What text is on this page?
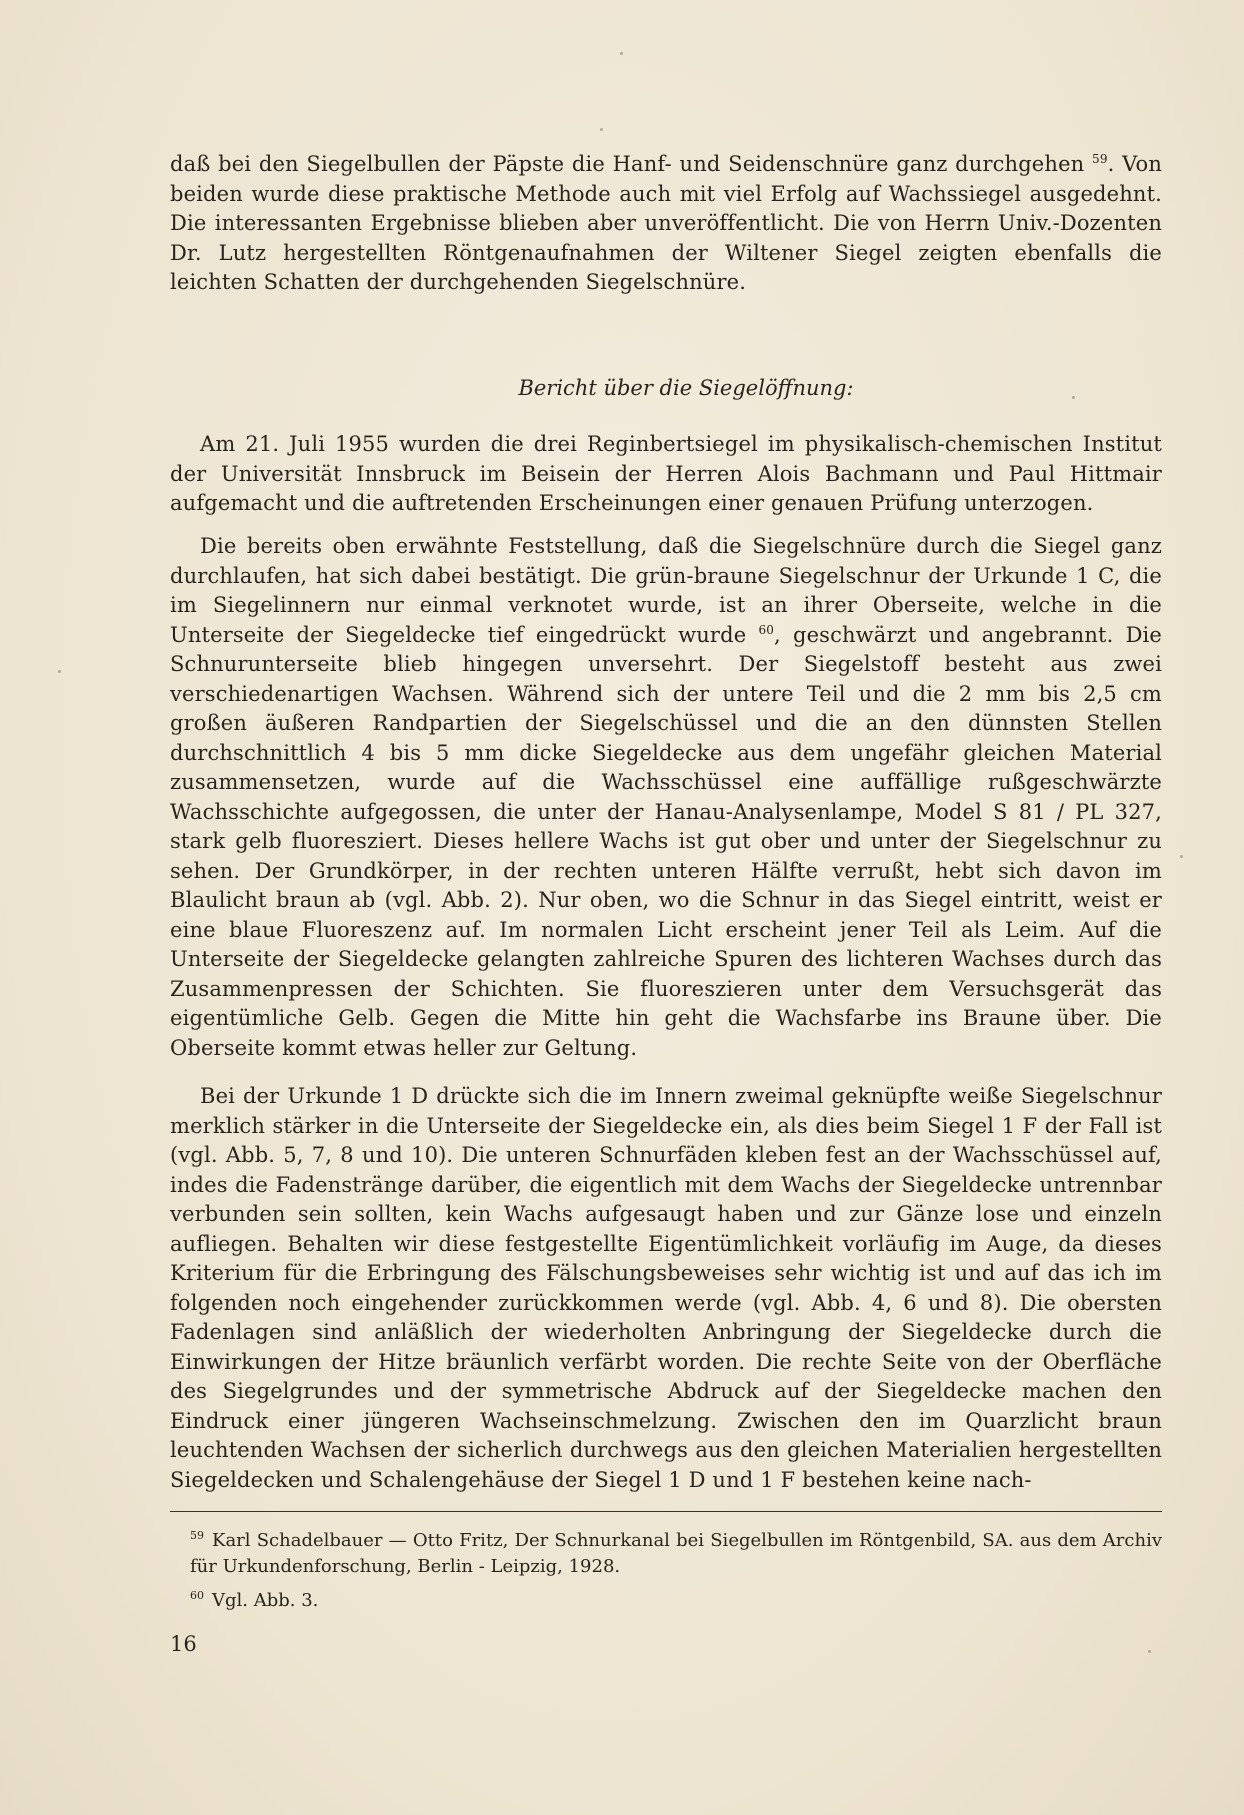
daß bei den Siegelbullen der Päpste die Hanf- und Seidenschnüre ganz durchgehen $^{59}$. Von beiden wurde diese praktische Methode auch mit viel Erfolg auf Wachssiegel ausgedehnt. Die interessanten Ergebnisse blieben aber unveröffentlicht. Die von Herrn Univ.-Dozenten Dr. Lutz hergestellten Röntgenaufnahmen der Wiltener Siegel zeigten ebenfalls die leichten Schatten der durchgehenden Siegelschnüre.

Bericht über die Siegelöffnung:

Am 21. Juli 1955 wurden die drei Reginbertsiegel im physikalisch-chemischen Institut der Universität Innsbruck im Beisein der Herren Alois Bachmann und Paul Hittmair aufgemacht und die auftretenden Erscheinungen einer genauen Prüfung unterzogen.

Die bereits oben erwähnte Feststellung, daß die Siegelschnüre durch die Siegel ganz durchlaufen, hat sich dabei bestätigt. Die grün-braune Siegelschnur der Urkunde 1 C, die im Siegelinnern nur einmal verknotet wurde, ist an ihrer Oberseite, welche in die Unterseite der Siegeldecke tief eingedrückt wurde $^{60}$, geschwärzt und angebrannt. Die Schnurunterseite blieb hingegen unversehrt. Der Siegelstoff besteht aus zwei verschiedenartigen Wachsen. Während sich der untere Teil und die 2 mm bis 2,5 cm großen äußeren Randpartien der Siegelschüssel und die an den dünnsten Stellen durchschnittlich 4 bis 5 mm dicke Siegeldecke aus dem ungefähr gleichen Material zusammensetzen, wurde auf die Wachsschüssel eine auffällige rußgeschwärzte Wachsschichte aufgegossen, die unter der Hanau-Analysenlampe, Model S 81 / PL 327, stark gelb fluoresziert. Dieses hellere Wachs ist gut ober und unter der Siegelschnur zu sehen. Der Grundkörper, in der rechten unteren Hälfte verrußt, hebt sich davon im Blaulicht braun ab (vgl. Abb. 2). Nur oben, wo die Schnur in das Siegel eintritt, weist er eine blaue Fluoreszenz auf. Im normalen Licht erscheint jener Teil als Leim. Auf die Unterseite der Siegeldecke gelangten zahlreiche Spuren des lichteren Wachses durch das Zusammenpressen der Schichten. Sie fluoreszieren unter dem Versuchsgerät das eigentümliche Gelb. Gegen die Mitte hin geht die Wachsfarbe ins Braune über. Die Oberseite kommt etwas heller zur Geltung.

Bei der Urkunde 1 D drückte sich die im Innern zweimal geknüpfte weiße Siegelschnur merklich stärker in die Unterseite der Siegeldecke ein, als dies beim Siegel 1 F der Fall ist (vgl. Abb. 5, 7, 8 und 10). Die unteren Schnurfäden kleben fest an der Wachsschüssel auf, indes die Fadenstränge darüber, die eigentlich mit dem Wachs der Siegeldecke untrennbar verbunden sein sollten, kein Wachs aufgesaugt haben und zur Gänze lose und einzeln aufliegen. Behalten wir diese festgestellte Eigentümlichkeit vorläufig im Auge, da dieses Kriterium für die Erbringung des Fälschungsbeweises sehr wichtig ist und auf das ich im folgenden noch eingehender zurückkommen werde (vgl. Abb. 4, 6 und 8). Die obersten Fadenlagen sind anläßlich der wiederholten Anbringung der Siegeldecke durch die Einwirkungen der Hitze bräunlich verfärbt worden. Die rechte Seite von der Oberfläche des Siegelgrundes und der symmetrische Abdruck auf der Siegeldecke machen den Eindruck einer jüngeren Wachseinschmelzung. Zwischen den im Quarzlicht braun leuchtenden Wachsen der sicherlich durchwegs aus den gleichen Materialien hergestellten Siegeldecken und Schalengehäuse der Siegel 1 D und 1 F bestehen keine nach-

$^{59}$ Karl Schadelbauer — Otto Fritz, Der Schnurkanal bei Siegelbullen im Röntgenbild, SA. aus dem Archiv für Urkundenforschung, Berlin - Leipzig, 1928.

$^{60}$ Vgl. Abb. 3.

16
